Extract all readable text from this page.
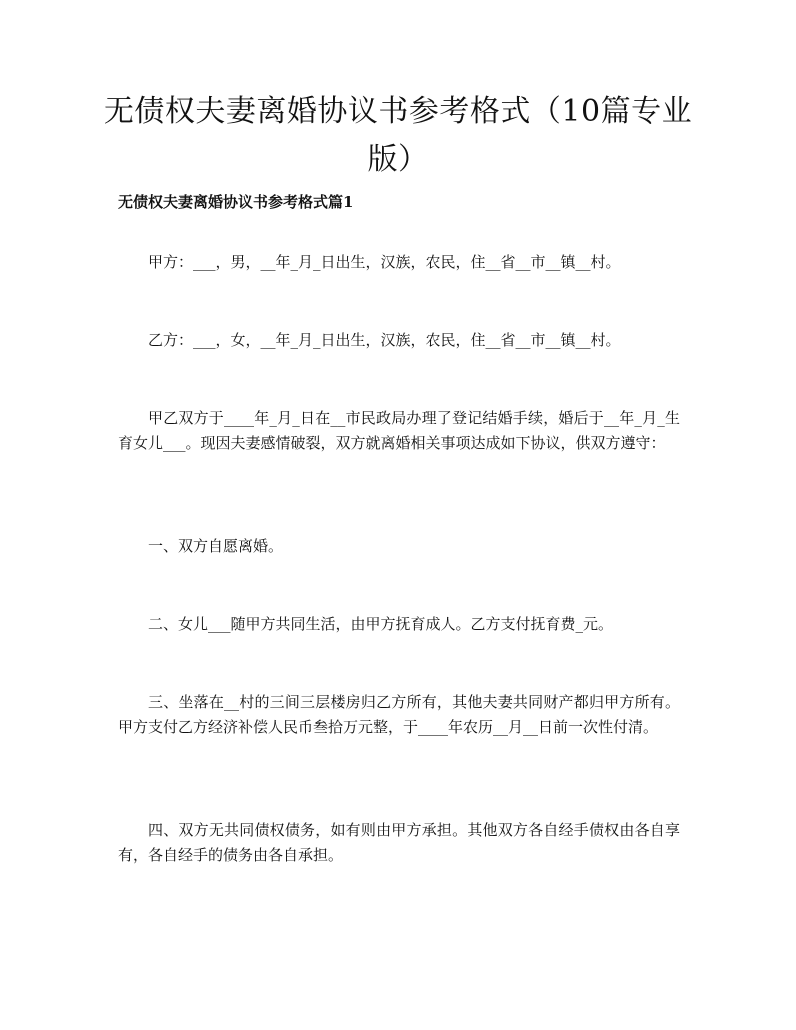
无债权夫妻离婚协议书参考格式（10篇专业版）
无债权夫妻离婚协议书参考格式篇1

甲方：___，男，__年_月_日出生，汉族，农民，住__省__市__镇__村。

乙方：___，女，__年_月_日出生，汉族，农民，住__省__市__镇__村。

甲乙双方于____年_月_日在__市民政局办理了登记结婚手续，婚后于__年_月_生育女儿___。现因夫妻感情破裂，双方就离婚相关事项达成如下协议，供双方遵守：

一、双方自愿离婚。

二、女儿___随甲方共同生活，由甲方抚育成人。乙方支付抚育费_元。

三、坐落在__村的三间三层楼房归乙方所有，其他夫妻共同财产都归甲方所有。甲方支付乙方经济补偿人民币叁拾万元整，于____年农历__月__日前一次性付清。

四、双方无共同债权债务，如有则由甲方承担。其他双方各自经手债权由各自享有，各自经手的债务由各自承担。
